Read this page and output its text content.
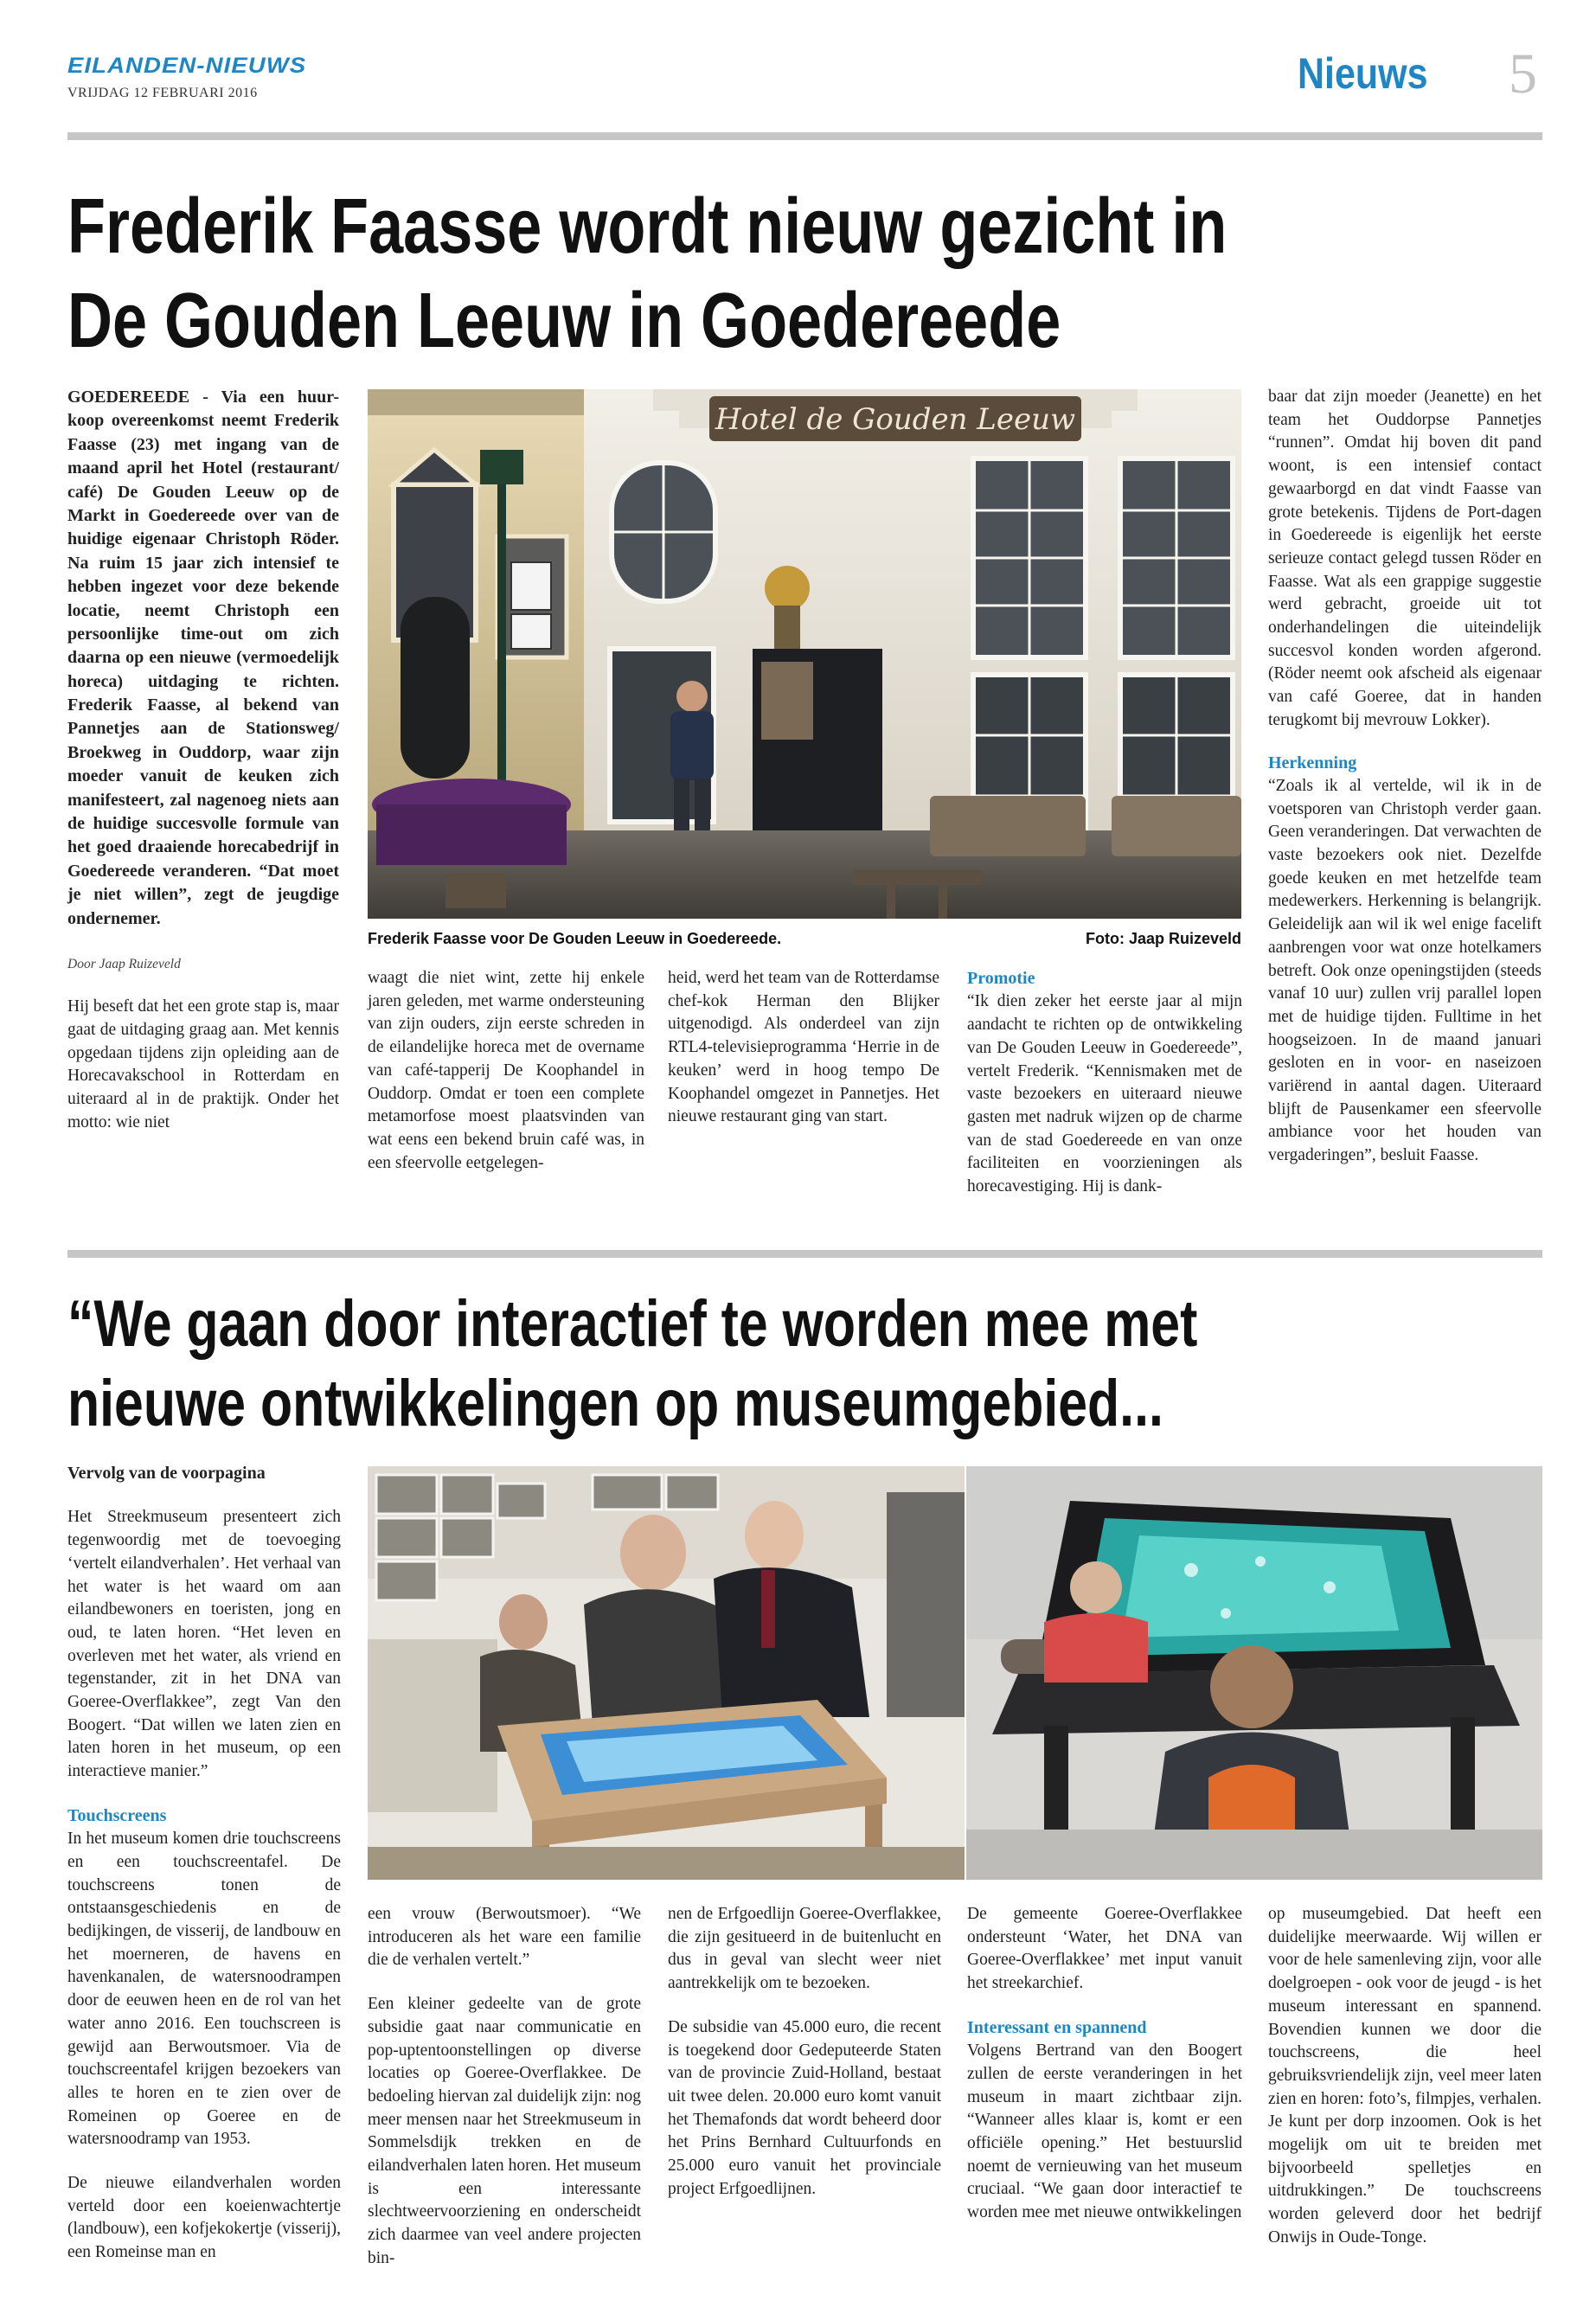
EILANDEN-NIEUWS
VRIJDAG 12 FEBRUARI 2016	Nieuws 5
Frederik Faasse wordt nieuw gezicht in
De Gouden Leeuw in Goedereede
GOEDEREEDE - Via een huur-koop overeenkomst neemt Frederik Faasse (23) met ingang van de maand april het Hotel (restaurant/ café) De Gouden Leeuw op de Markt in Goedereede over van de huidige eigenaar Christoph Röder. Na ruim 15 jaar zich intensief te hebben ingezet voor deze bekende locatie, neemt Christoph een persoonlijke time-out om zich daarna op een nieuwe (vermoedelijk horeca) uitdaging te richten. Frederik Faasse, al bekend van Pannetjes aan de Stationsweg/ Broekweg in Ouddorp, waar zijn moeder vanuit de keuken zich manifesteert, zal nagenoeg niets aan de huidige succesvolle formule van het goed draaiende horecabedrijf in Goedereede veranderen. “Dat moet je niet willen”, zegt de jeugdige ondernemer.
Door Jaap Ruizeveld

Hij beseft dat het een grote stap is, maar gaat de uitdaging graag aan. Met kennis opgedaan tijdens zijn opleiding aan de Horecavakschool in Rotterdam en uiteraard al in de praktijk. Onder het motto: wie niet

Hotel de Gouden Leeuw
Frederik Faasse voor De Gouden Leeuw in Goedereede.	Foto: Jaap Ruizeveld

waagt die niet wint, zette hij enkele jaren geleden, met warme ondersteuning van zijn ouders, zijn eerste schreden in de eilandelijke horeca met de overname van café-tapperij De Koophandel in Ouddorp. Omdat er toen een complete metamorfose moest plaatsvinden van wat eens een bekend bruin café was, in een sfeervolle eetgelegen-

heid, werd het team van de Rotterdamse chef-kok Herman den Blijker uitgenodigd. Als onderdeel van zijn RTL4-televisieprogramma ‘Herrie in de keuken’ werd in hoog tempo De Koophandel omgezet in Pannetjes. Het nieuwe restaurant ging van start.

Promotie

“Ik dien zeker het eerste jaar al mijn aandacht te richten op de ontwikkeling van De Gouden Leeuw in Goedereede”, vertelt Frederik. “Kennismaken met de vaste bezoekers en uiteraard nieuwe gasten met nadruk wijzen op de charme van de stad Goedereede en van onze faciliteiten en voorzieningen als horecavestiging. Hij is dank-

baar dat zijn moeder (Jeanette) en het team het Ouddorpse Pannetjes “runnen”. Omdat hij boven dit pand woont, is een intensief contact gewaarborgd en dat vindt Faasse van grote betekenis. Tijdens de Port-dagen in Goedereede is eigenlijk het eerste serieuze contact gelegd tussen Röder en Faasse. Wat als een grappige suggestie werd gebracht, groeide uit tot onderhandelingen die uiteindelijk succesvol konden worden afgerond. (Röder neemt ook afscheid als eigenaar van café Goeree, dat in handen terugkomt bij mevrouw Lokker).

Herkenning

“Zoals ik al vertelde, wil ik in de voetsporen van Christoph verder gaan. Geen veranderingen. Dat verwachten de vaste bezoekers ook niet. Dezelfde goede keuken en met hetzelfde team medewerkers. Herkenning is belangrijk. Geleidelijk aan wil ik wel enige facelift aanbrengen voor wat onze hotelkamers betreft. Ook onze openingstijden (steeds vanaf 10 uur) zullen vrij parallel lopen met de huidige tijden. Fulltime in het hoogseizoen. In de maand januari gesloten en in voor- en naseizoen variërend in aantal dagen. Uiteraard blijft de Pausenkamer een sfeervolle ambiance voor het houden van vergaderingen”, besluit Faasse.

“We gaan door interactief te worden mee met
nieuwe ontwikkelingen op museumgebied...
Vervolg van de voorpagina

Het Streekmuseum presenteert zich tegenwoordig met de toevoeging ‘vertelt eilandverhalen’. Het verhaal van het water is het waard om aan eilandbewoners en toeristen, jong en oud, te laten horen. “Het leven en overleven met het water, als vriend en tegenstander, zit in het DNA van Goeree-Overflakkee”, zegt Van den Boogert. “Dat willen we laten zien en laten horen in het museum, op een interactieve manier.”

Touchscreens

In het museum komen drie touchscreens en een touchscreentafel. De touchscreens tonen de ontstaansgeschiedenis en de bedijkingen, de visserij, de landbouw en het moerneren, de havens en havenkanalen, de watersnoodrampen door de eeuwen heen en de rol van het water anno 2016. Een touchscreen is gewijd aan Berwoutsmoer. Via de touchscreentafel krijgen bezoekers van alles te horen en te zien over de Romeinen op Goeree en de watersnoodramp van 1953.

De nieuwe eilandverhalen worden verteld door een koeienwachtertje (landbouw), een kofjekokertje (visserij), een Romeinse man en

een vrouw (Berwoutsmoer). “We introduceren als het ware een familie die de verhalen vertelt.”

Een kleiner gedeelte van de grote subsidie gaat naar communicatie en pop-uptentoonstellingen op diverse locaties op Goeree-Overflakkee. De bedoeling hiervan zal duidelijk zijn: nog meer mensen naar het Streekmuseum in Sommelsdijk trekken en de eilandverhalen laten horen. Het museum is een interessante slechtweervoorziening en onderscheidt zich daarmee van veel andere projecten bin-

nen de Erfgoedlijn Goeree-Overflakkee, die zijn gesitueerd in de buitenlucht en dus in geval van slecht weer niet aantrekkelijk om te bezoeken.

De subsidie van 45.000 euro, die recent is toegekend door Gedeputeerde Staten van de provincie Zuid-Holland, bestaat uit twee delen. 20.000 euro komt vanuit het Themafonds dat wordt beheerd door het Prins Bernhard Cultuurfonds en 25.000 euro vanuit het provinciale project Erfgoedlijnen.

De gemeente Goeree-Overflakkee ondersteunt ‘Water, het DNA van Goeree-Overflakkee’ met input vanuit het streekarchief.

Interessant en spannend

Volgens Bertrand van den Boogert zullen de eerste veranderingen in het museum in maart zichtbaar zijn. “Wanneer alles klaar is, komt er een officiële opening.” Het bestuurslid noemt de vernieuwing van het museum cruciaal. “We gaan door interactief te worden mee met nieuwe ontwikkelingen

op museumgebied. Dat heeft een duidelijke meerwaarde. Wij willen er voor de hele samenleving zijn, voor alle doelgroepen - ook voor de jeugd - is het museum interessant en spannend. Bovendien kunnen we door die touchscreens, die heel gebruiksvriendelijk zijn, veel meer laten zien en horen: foto’s, filmpjes, verhalen. Je kunt per dorp inzoomen. Ook is het mogelijk om uit te breiden met bijvoorbeeld spelletjes en uitdrukkingen.” De touchscreens worden geleverd door het bedrijf Onwijs in Oude-Tonge.
